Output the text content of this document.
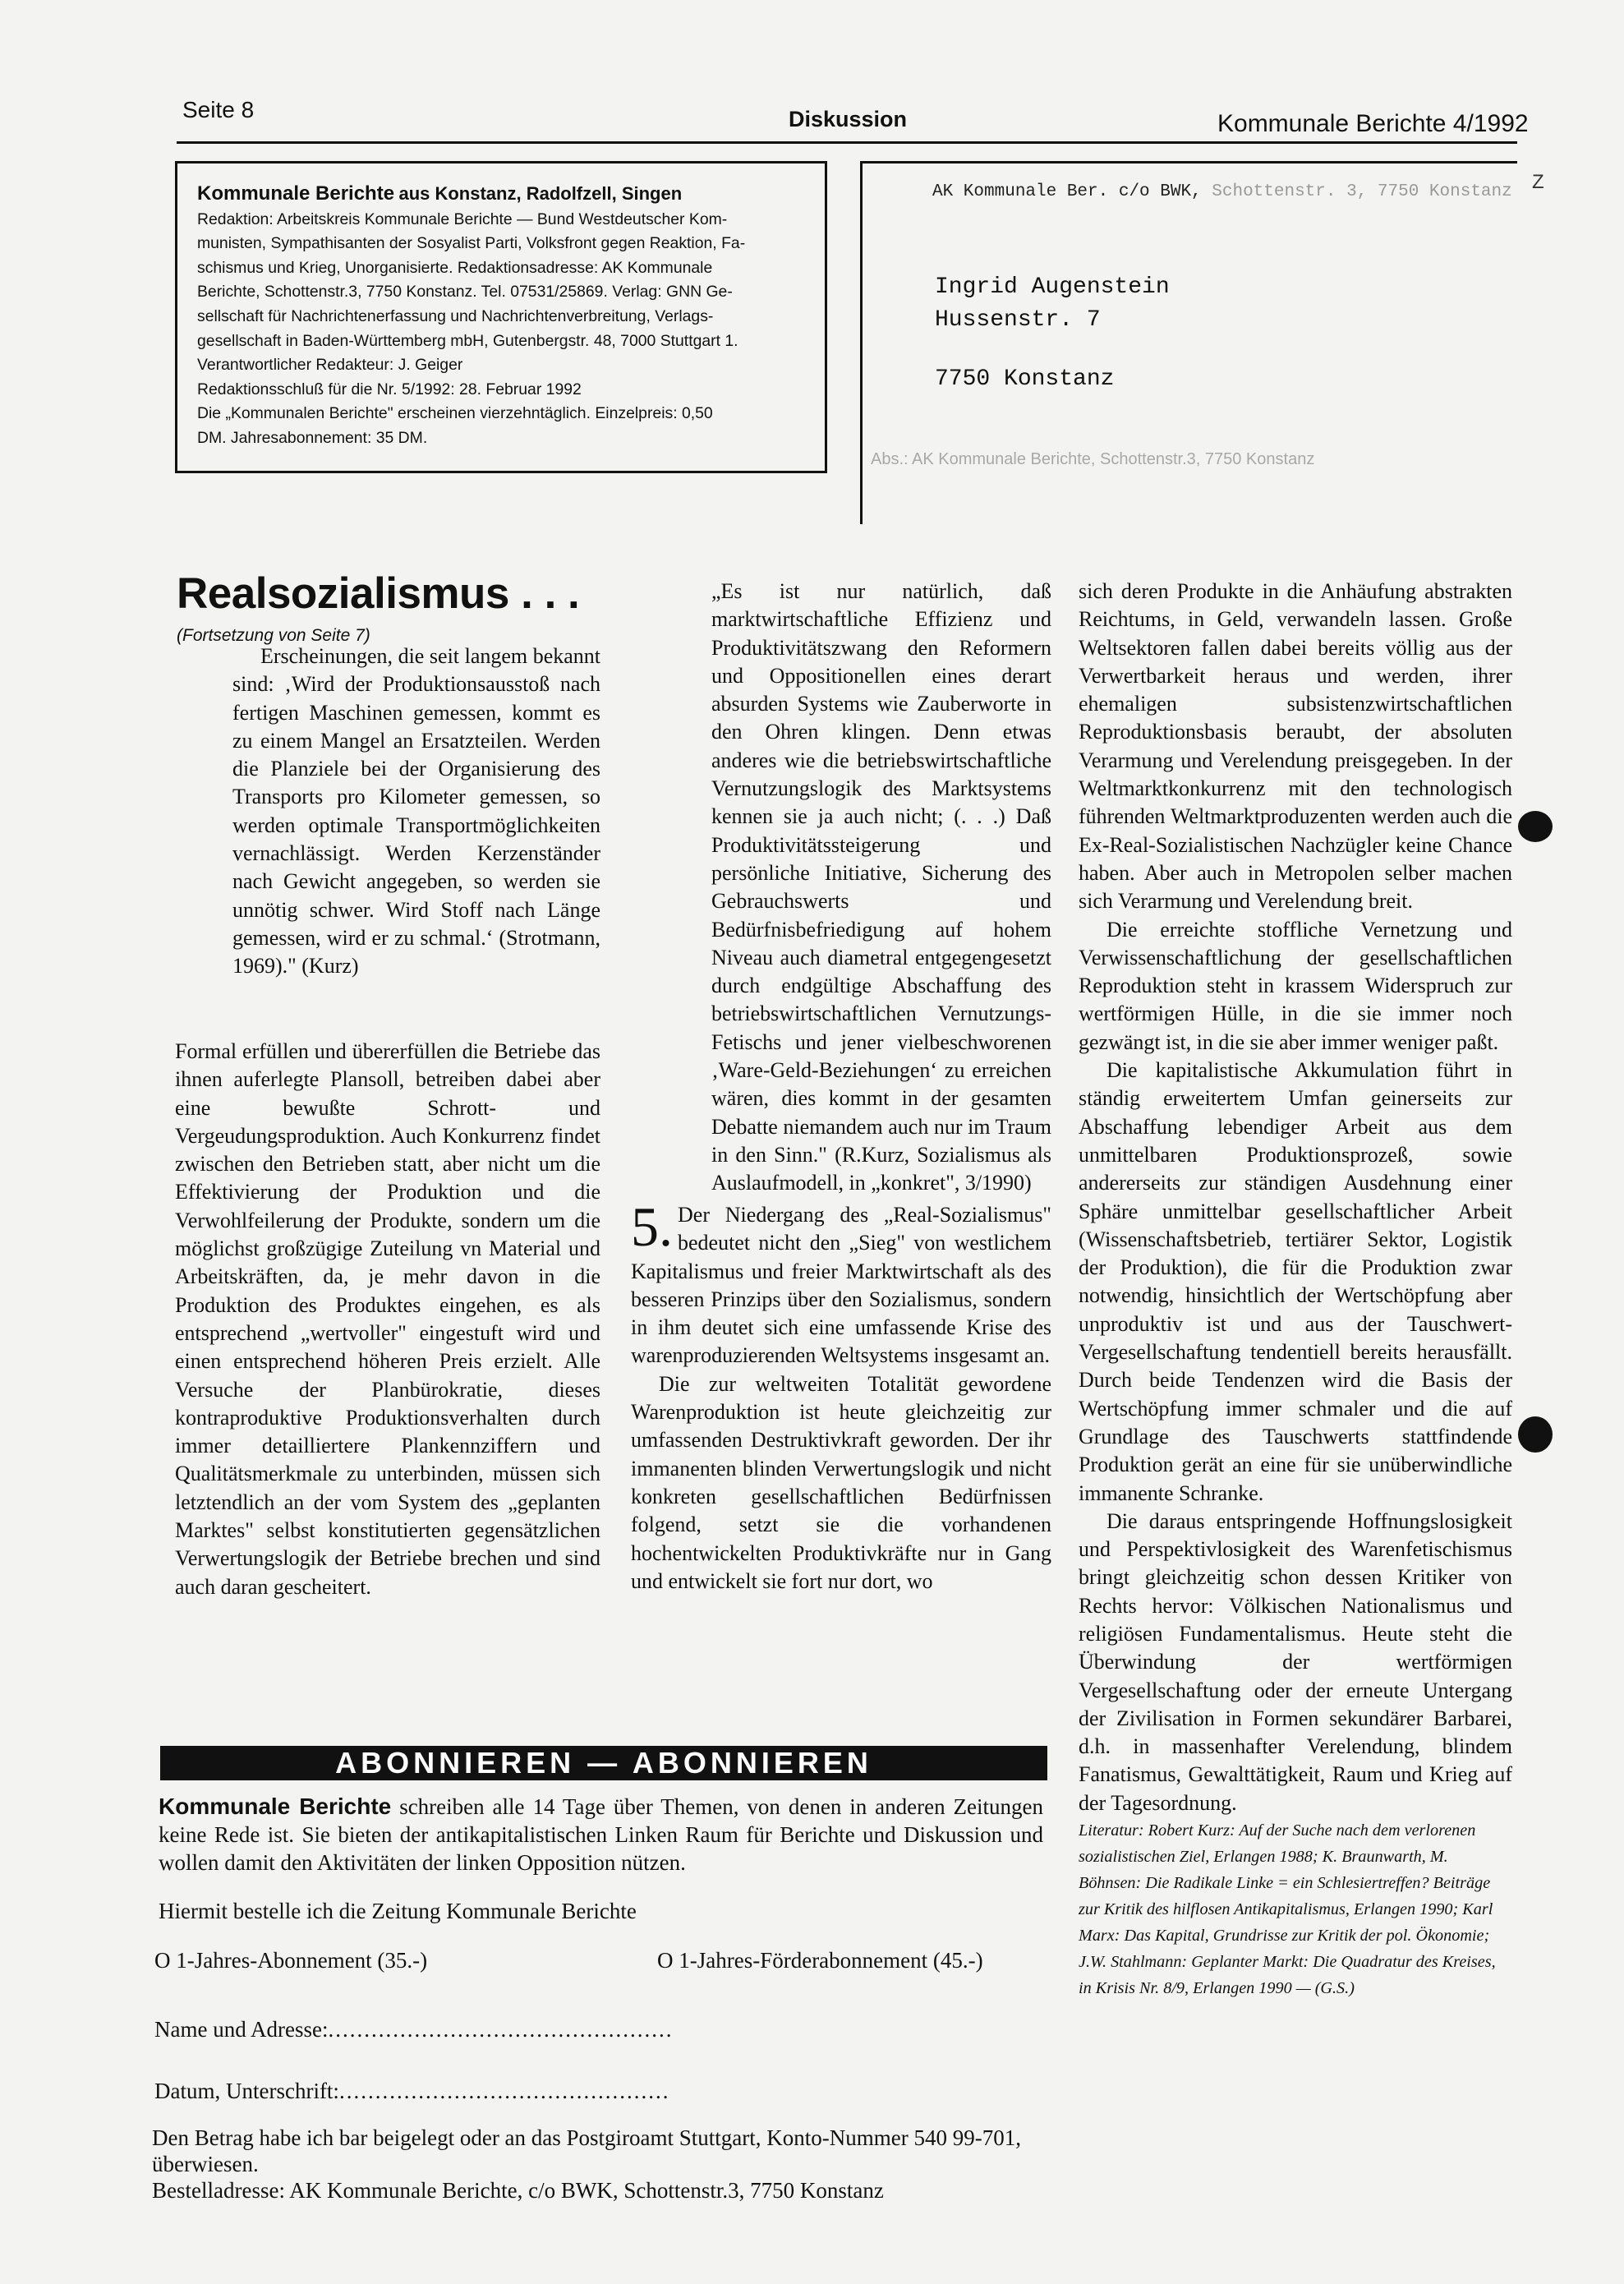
Seite 8	Diskussion	Kommunale Berichte 4/1992
Kommunale Berichte aus Konstanz, Radolfzell, Singen
Redaktion: Arbeitskreis Kommunale Berichte — Bund Westdeutscher Kom-
munisten, Sympathisanten der Sosyalist Parti, Volksfront gegen Reaktion, Fa-
schismus und Krieg, Unorganisierte. Redaktionsadresse: AK Kommunale
Berichte, Schottenstr.3, 7750 Konstanz. Tel. 07531/25869. Verlag: GNN Ge-
sellschaft für Nachrichtenerfassung und Nachrichtenverbreitung, Verlags-
gesellschaft in Baden-Württemberg mbH, Gutenbergstr. 48, 7000 Stuttgart 1.
Verantwortlicher Redakteur: J. Geiger
Redaktionsschluß für die Nr. 5/1992: 28. Februar 1992
Die „Kommunalen Berichte" erscheinen vierzehntäglich. Einzelpreis: 0,50
DM. Jahresabonnement: 35 DM.
AK Kommunale Ber. c/o BWK, Schottenstr. 3, 7750 Konstanz
Ingrid Augenstein
Hussenstr. 7
7750 Konstanz
Z
Abs.: AK Kommunale Berichte, Schottenstr.3, 7750 Konstanz
Realsozialismus . . .
(Fortsetzung von Seite 7)
Erscheinungen, die seit langem bekannt sind: ‚Wird der Produktionsausstoß nach fertigen Maschinen gemessen, kommt es zu einem Mangel an Ersatzteilen. Werden die Planziele bei der Organisierung des Transports pro Kilometer gemessen, so werden optimale Transportmöglichkeiten vernachlässigt. Werden Kerzenständer nach Gewicht angegeben, so werden sie unnötig schwer. Wird Stoff nach Länge gemessen, wird er zu schmal.‘ (Strotmann, 1969)." (Kurz)
Formal erfüllen und übererfüllen die Betriebe das ihnen auferlegte Plansoll, betreiben dabei aber eine bewußte Schrott- und Vergeudungsproduktion. Auch Konkurrenz findet zwischen den Betrieben statt, aber nicht um die Effektivierung der Produktion und die Verwohlfeilerung der Produkte, sondern um die möglichst großzügige Zuteilung vn Material und Arbeitskräften, da, je mehr davon in die Produktion des Produktes eingehen, es als entsprechend „wertvoller" eingestuft wird und einen entsprechend höheren Preis erzielt. Alle Versuche der Planbürokratie, dieses kontraproduktive Produktionsverhalten durch immer detailliertere Plankennziffern und Qualitätsmerkmale zu unterbinden, müssen sich letztendlich an der vom System des „geplanten Marktes" selbst konstitutierten gegensätzlichen Verwertungslogik der Betriebe brechen und sind auch daran gescheitert.
„Es ist nur natürlich, daß marktwirtschaftliche Effizienz und Produktivitätszwang den Reformern und Oppositionellen eines derart absurden Systems wie Zauberworte in den Ohren klingen. Denn etwas anderes wie die betriebswirtschaftliche Vernutzungslogik des Marktsystems kennen sie ja auch nicht; (. . .) Daß Produktivitätssteigerung und persönliche Initiative, Sicherung des Gebrauchswerts und Bedürfnisbefriedigung auf hohem Niveau auch diametral entgegengesetzt durch endgültige Abschaffung des betriebswirtschaftlichen Vernutzungs-Fetischs und jener vielbeschworenen ‚Ware-Geld-Beziehungen‘ zu erreichen wären, dies kommt in der gesamten Debatte niemandem auch nur im Traum in den Sinn." (R.Kurz, Sozialismus als Auslaufmodell, in „konkret", 3/1990)

5. Der Niedergang des „Real-Sozialismus" bedeutet nicht den „Sieg" von westlichem Kapitalismus und freier Marktwirtschaft als des besseren Prinzips über den Sozialismus, sondern in ihm deutet sich eine umfassende Krise des warenproduzierenden Weltsystems insgesamt an.

Die zur weltweiten Totalität gewordene Warenproduktion ist heute gleichzeitig zur umfassenden Destruktivkraft geworden. Der ihr immanenten blinden Verwertungslogik und nicht konkreten gesellschaftlichen Bedürfnissen folgend, setzt sie die vorhandenen hochentwickelten Produktivkräfte nur in Gang und entwickelt sie fort nur dort, wo

sich deren Produkte in die Anhäufung abstrakten Reichtums, in Geld, verwandeln lassen. Große Weltsektoren fallen dabei bereits völlig aus der Verwertbarkeit heraus und werden, ihrer ehemaligen subsistenzwirtschaftlichen Reproduktionsbasis beraubt, der absoluten Verarmung und Verelendung preisgegeben. In der Weltmarktkonkurrenz mit den technologisch führenden Weltmarktproduzenten werden auch die Ex-Real-Sozialistischen Nachzügler keine Chance haben. Aber auch in Metropolen selber machen sich Verarmung und Verelendung breit.

Die erreichte stoffliche Vernetzung und Verwissenschaftlichung der gesellschaftlichen Reproduktion steht in krassem Widerspruch zur wertförmigen Hülle, in die sie immer noch gezwängt ist, in die sie aber immer weniger paßt.

Die kapitalistische Akkumulation führt in ständig erweitertem Umfan geinerseits zur Abschaffung lebendiger Arbeit aus dem unmittelbaren Produktionsprozeß, sowie andererseits zur ständigen Ausdehnung einer Sphäre unmittelbar gesellschaftlicher Arbeit (Wissenschaftsbetrieb, tertiärer Sektor, Logistik der Produktion), die für die Produktion zwar notwendig, hinsichtlich der Wertschöpfung aber unproduktiv ist und aus der Tauschwert-Vergesellschaftung tendentiell bereits herausfällt. Durch beide Tendenzen wird die Basis der Wertschöpfung immer schmaler und die auf Grundlage des Tauschwerts stattfindende Produktion gerät an eine für sie unüberwindliche immanente Schranke.

Die daraus entspringende Hoffnungslosigkeit und Perspektivlosigkeit des Warenfetischismus bringt gleichzeitig schon dessen Kritiker von Rechts hervor: Völkischen Nationalismus und religiösen Fundamentalismus. Heute steht die Überwindung der wertförmigen Vergesellschaftung oder der erneute Untergang der Zivilisation in Formen sekundärer Barbarei, d.h. in massenhafter Verelendung, blindem Fanatismus, Gewalttätigkeit, Raum und Krieg auf der Tagesordnung.

Literatur: Robert Kurz: Auf der Suche nach dem verlorenen sozialistischen Ziel, Erlangen 1988; K. Braunwarth, M. Böhnsen: Die Radikale Linke = ein Schlesiertreffen? Beiträge zur Kritik des hilflosen Antikapitalismus, Erlangen 1990; Karl Marx: Das Kapital, Grundrisse zur Kritik der pol. Ökonomie; J.W. Stahlmann: Geplanter Markt: Die Quadratur des Kreises, in Krisis Nr. 8/9, Erlangen 1990 — (G.S.)

ABONNIEREN — ABONNIEREN
Kommunale Berichte schreiben alle 14 Tage über Themen, von denen in anderen Zeitungen keine Rede ist. Sie bieten der antikapitalistischen Linken Raum für Berichte und Diskussion und wollen damit den Aktivitäten der linken Opposition nützen.
Hiermit bestelle ich die Zeitung Kommunale Berichte
O 1-Jahres-Abonnement (35.-)	O 1-Jahres-Förderabonnement (45.-)
Name und Adresse:................................................
Datum, Unterschrift:..............................................
Den Betrag habe ich bar beigelegt oder an das Postgiroamt Stuttgart, Konto-Nummer 540 99-701, überwiesen.
Bestelladresse: AK Kommunale Berichte, c/o BWK, Schottenstr.3, 7750 Konstanz
